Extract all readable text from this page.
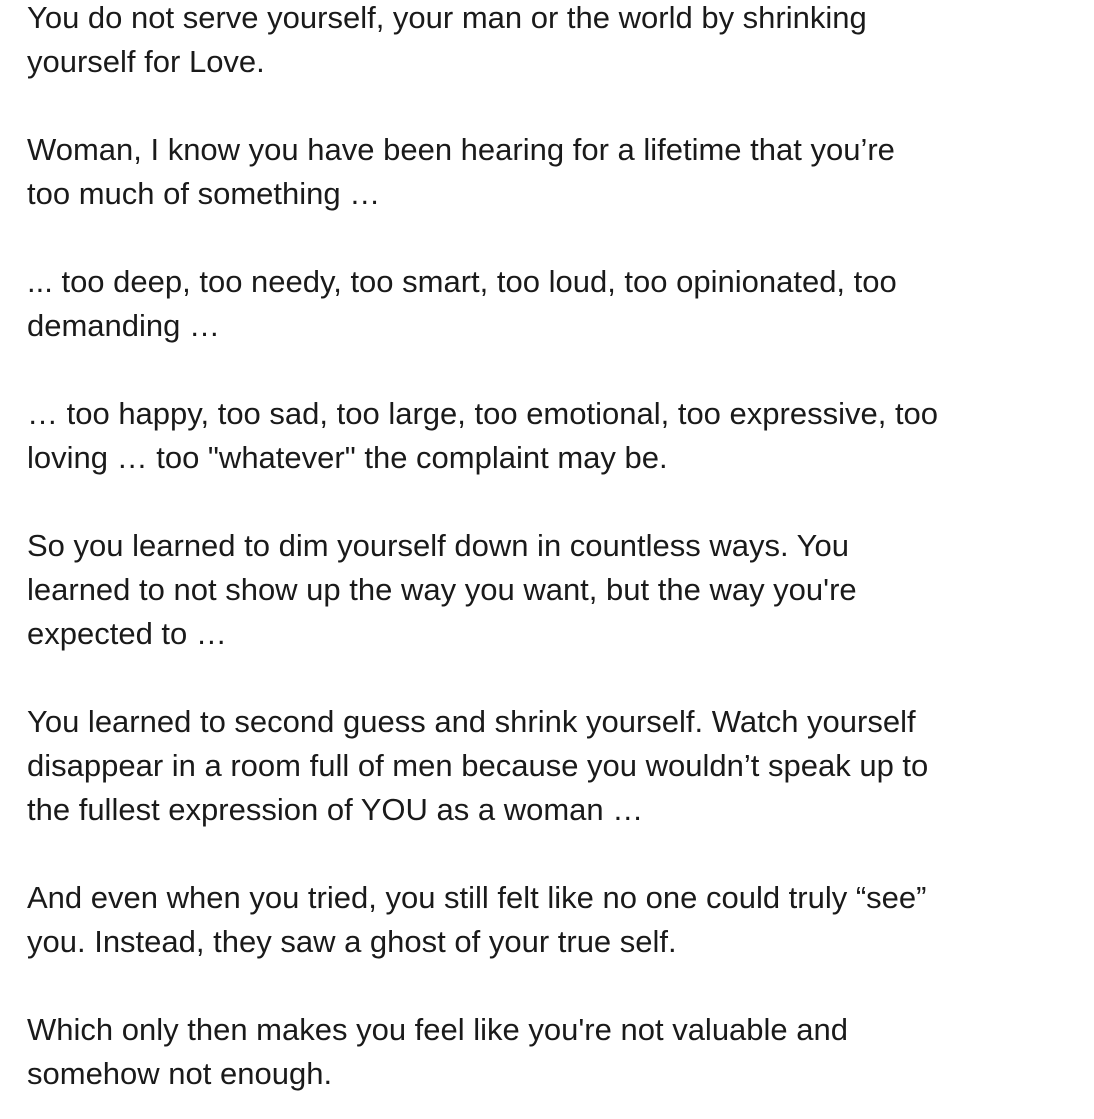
You do not serve yourself, your man or the world by shrinking
yourself for Love.
Woman, I know you have been hearing for a lifetime that you’re
too much of something …
... too deep, too needy, too smart, too loud, too opinionated, too
demanding …
… too happy, too sad, too large, too emotional, too expressive, too
loving … too "whatever" the complaint may be.
So you learned to dim yourself down in countless ways. You
learned to not show up the way you want, but the way you're
expected to …
You learned to second guess and shrink yourself. Watch yourself
disappear in a room full of men because you wouldn’t speak up to
the fullest expression of YOU as a woman …
And even when you tried, you still felt like no one could truly “see”
you. Instead, they saw a ghost of your true self.
Which only then makes you feel like you're not valuable and
somehow not enough.
